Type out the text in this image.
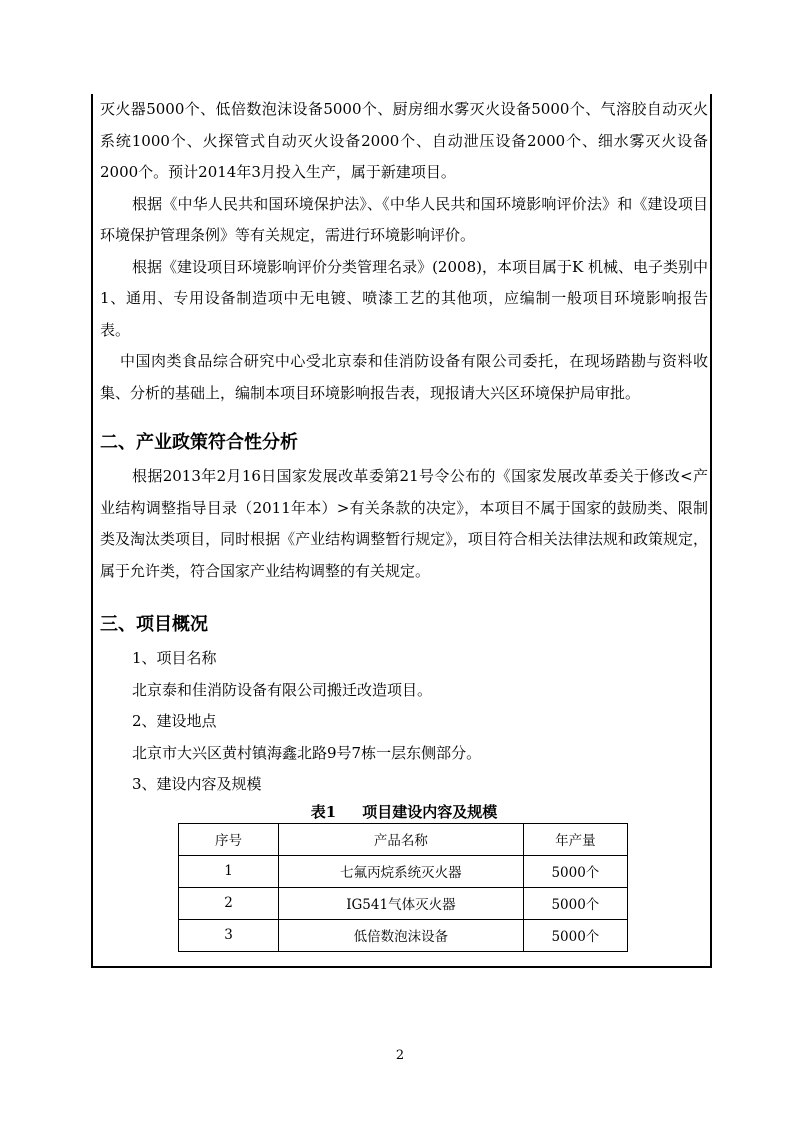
灭火器5000个、低倍数泡沫设备5000个、厨房细水雾灭火设备5000个、气溶胶自动灭火系统1000个、火探管式自动灭火设备2000个、自动泄压设备2000个、细水雾灭火设备2000个。预计2014年3月投入生产，属于新建项目。

根据《中华人民共和国环境保护法》、《中华人民共和国环境影响评价法》和《建设项目环境保护管理条例》等有关规定，需进行环境影响评价。

根据《建设项目环境影响评价分类管理名录》(2008)，本项目属于K 机械、电子类别中1、通用、专用设备制造项中无电镀、喷漆工艺的其他项，应编制一般项目环境影响报告表。

中国肉类食品综合研究中心受北京泰和佳消防设备有限公司委托，在现场踏勘与资料收集、分析的基础上，编制本项目环境影响报告表，现报请大兴区环境保护局审批。

二、产业政策符合性分析

根据2013年2月16日国家发展改革委第21号令公布的《国家发展改革委关于修改<产业结构调整指导目录（2011年本）>有关条款的决定》，本项目不属于国家的鼓励类、限制类及淘汰类项目，同时根据《产业结构调整暂行规定》，项目符合相关法律法规和政策规定，属于允许类，符合国家产业结构调整的有关规定。

三、项目概况

1、项目名称

北京泰和佳消防设备有限公司搬迁改造项目。

2、建设地点

北京市大兴区黄村镇海鑫北路9号7栋一层东侧部分。

3、建设内容及规模

表1 项目建设内容及规模
序号	产品名称	年产量
1	七氟丙烷系统灭火器	5000个
2	IG541气体灭火器	5000个
3	低倍数泡沫设备	5000个
2
